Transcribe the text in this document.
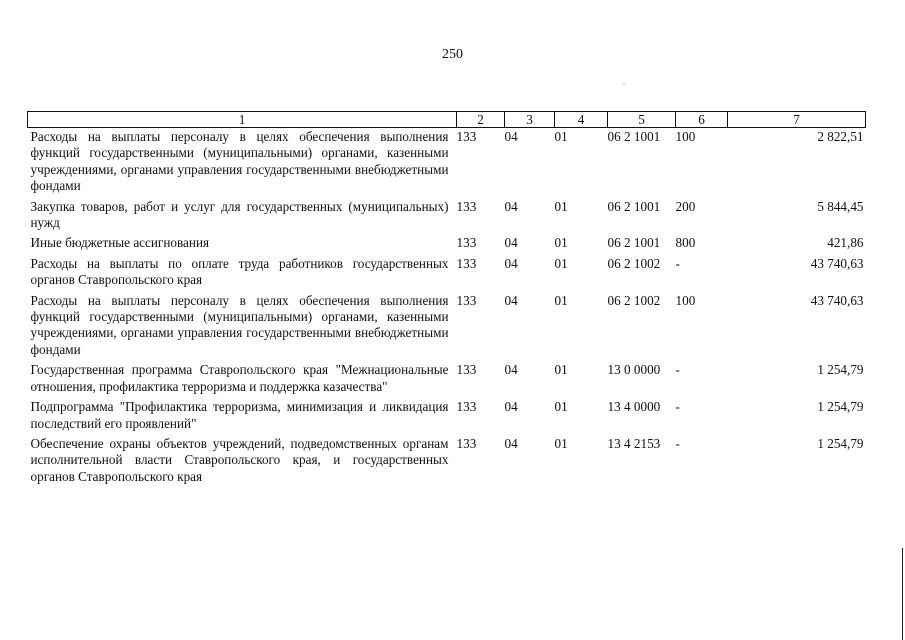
250
1	2	3	4	5	6	7
Расходы на выплаты персоналу в целях обеспечения выполнения функций государственными (муниципальными) органами, казенными учреждениями, органами управления государственными внебюджетными фондами	133	04	01	06 2 1001	100	2 822,51
Закупка товаров, работ и услуг для государственных (муниципальных) нужд	133	04	01	06 2 1001	200	5 844,45
Иные бюджетные ассигнования	133	04	01	06 2 1001	800	421,86
Расходы на выплаты по оплате труда работников государственных органов Ставропольского края	133	04	01	06 2 1002	-	43 740,63
Расходы на выплаты персоналу в целях обеспечения выполнения функций государственными (муниципальными) органами, казенными учреждениями, органами управления государственными внебюджетными фондами	133	04	01	06 2 1002	100	43 740,63
Государственная программа Ставропольского края "Межнациональные отношения, профилактика терроризма и поддержка казачества"	133	04	01	13 0 0000	-	1 254,79
Подпрограмма "Профилактика терроризма, минимизация и ликвидация последствий его проявлений"	133	04	01	13 4 0000	-	1 254,79
Обеспечение охраны объектов учреждений, подведомственных органам исполнительной власти Ставропольского края, и государственных органов Ставропольского края	133	04	01	13 4 2153	-	1 254,79
